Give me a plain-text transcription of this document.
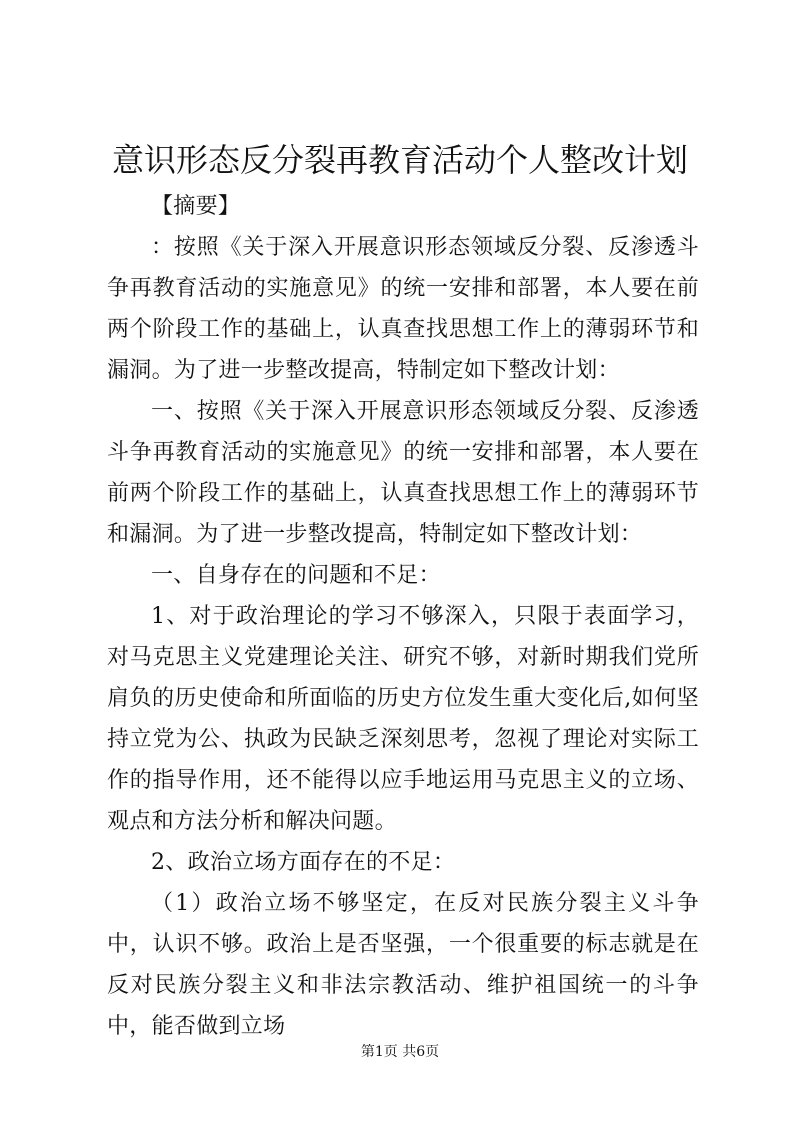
意识形态反分裂再教育活动个人整改计划

【摘要】

：按照《关于深入开展意识形态领域反分裂、反渗透斗争再教育活动的实施意见》的统一安排和部署，本人要在前两个阶段工作的基础上，认真查找思想工作上的薄弱环节和漏洞。为了进一步整改提高，特制定如下整改计划：

一、按照《关于深入开展意识形态领域反分裂、反渗透斗争再教育活动的实施意见》的统一安排和部署，本人要在前两个阶段工作的基础上，认真查找思想工作上的薄弱环节和漏洞。为了进一步整改提高，特制定如下整改计划：

一、自身存在的问题和不足：

1、对于政治理论的学习不够深入，只限于表面学习，对马克思主义党建理论关注、研究不够，对新时期我们党所肩负的历史使命和所面临的历史方位发生重大变化后,如何坚持立党为公、执政为民缺乏深刻思考，忽视了理论对实际工作的指导作用，还不能得以应手地运用马克思主义的立场、观点和方法分析和解决问题。

2、政治立场方面存在的不足：

（1）政治立场不够坚定，在反对民族分裂主义斗争中，认识不够。政治上是否坚强，一个很重要的标志就是在反对民族分裂主义和非法宗教活动、维护祖国统一的斗争中，能否做到立场

第1页 共6页
